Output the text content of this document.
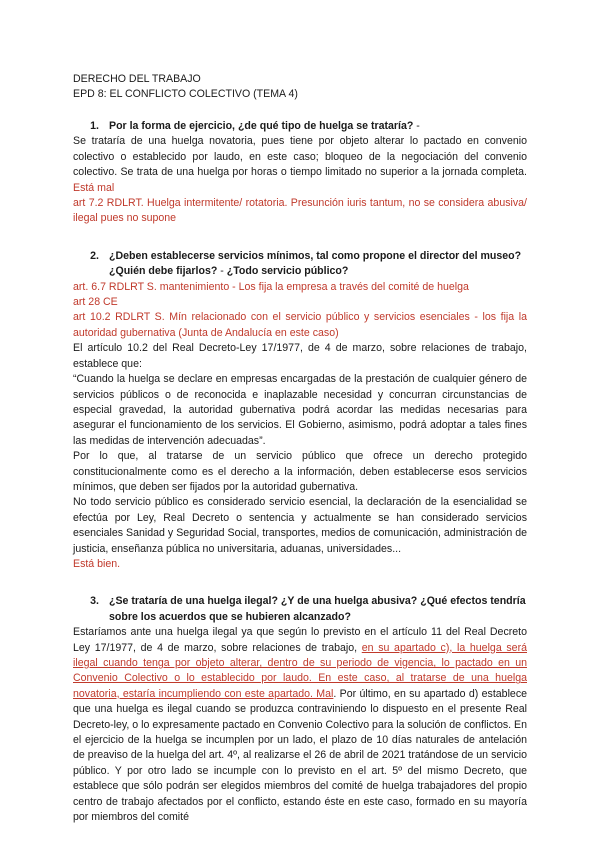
DERECHO DEL TRABAJO
EPD 8: EL CONFLICTO COLECTIVO (TEMA 4)
1. Por la forma de ejercicio, ¿de qué tipo de huelga se trataría? -

Se trataría de una huelga novatoria, pues tiene por objeto alterar lo pactado en convenio colectivo o establecido por laudo, en este caso; bloqueo de la negociación del convenio colectivo. Se trata de una huelga por horas o tiempo limitado no superior a la jornada completa. Está mal

art 7.2 RDLRT. Huelga intermitente/ rotatoria. Presunción iuris tantum, no se considera abusiva/ ilegal pues no supone

2. ¿Deben establecerse servicios mínimos, tal como propone el director del museo? ¿Quién debe fijarlos? - ¿Todo servicio público?

art. 6.7 RDLRT S. mantenimiento - Los fija la empresa a través del comité de huelga

art 28 CE

art 10.2 RDLRT S. Mín relacionado con el servicio público y servicios esenciales - los fija la autoridad gubernativa (Junta de Andalucía en este caso)

El artículo 10.2 del Real Decreto-Ley 17/1977, de 4 de marzo, sobre relaciones de trabajo, establece que:

“Cuando la huelga se declare en empresas encargadas de la prestación de cualquier género de servicios públicos o de reconocida e inaplazable necesidad y concurran circunstancias de especial gravedad, la autoridad gubernativa podrá acordar las medidas necesarias para asegurar el funcionamiento de los servicios. El Gobierno, asimismo, podrá adoptar a tales fines las medidas de intervención adecuadas”.

Por lo que, al tratarse de un servicio público que ofrece un derecho protegido constitucionalmente como es el derecho a la información, deben establecerse esos servicios mínimos, que deben ser fijados por la autoridad gubernativa.

No todo servicio público es considerado servicio esencial, la declaración de la esencialidad se efectúa por Ley, Real Decreto o sentencia y actualmente se han considerado servicios esenciales Sanidad y Seguridad Social, transportes, medios de comunicación, administración de justicia, enseñanza pública no universitaria, aduanas, universidades...

Está bien.

3. ¿Se trataría de una huelga ilegal? ¿Y de una huelga abusiva? ¿Qué efectos tendría sobre los acuerdos que se hubieren alcanzado?

Estaríamos ante una huelga ilegal ya que según lo previsto en el artículo 11 del Real Decreto Ley 17/1977, de 4 de marzo, sobre relaciones de trabajo, en su apartado c), la huelga será ilegal cuando tenga por objeto alterar, dentro de su periodo de vigencia, lo pactado en un Convenio Colectivo o lo establecido por laudo. En este caso, al tratarse de una huelga novatoria, estaría incumpliendo con este apartado. Mal. Por último, en su apartado d) establece que una huelga es ilegal cuando se produzca contraviniendo lo dispuesto en el presente Real Decreto-ley, o lo expresamente pactado en Convenio Colectivo para la solución de conflictos. En el ejercicio de la huelga se incumplen por un lado, el plazo de 10 días naturales de antelación de preaviso de la huelga del art. 4º, al realizarse el 26 de abril de 2021 tratándose de un servicio público. Y por otro lado se incumple con lo previsto en el art. 5º del mismo Decreto, que establece que sólo podrán ser elegidos miembros del comité de huelga trabajadores del propio centro de trabajo afectados por el conflicto, estando éste en este caso, formado en su mayoría por miembros del comité
